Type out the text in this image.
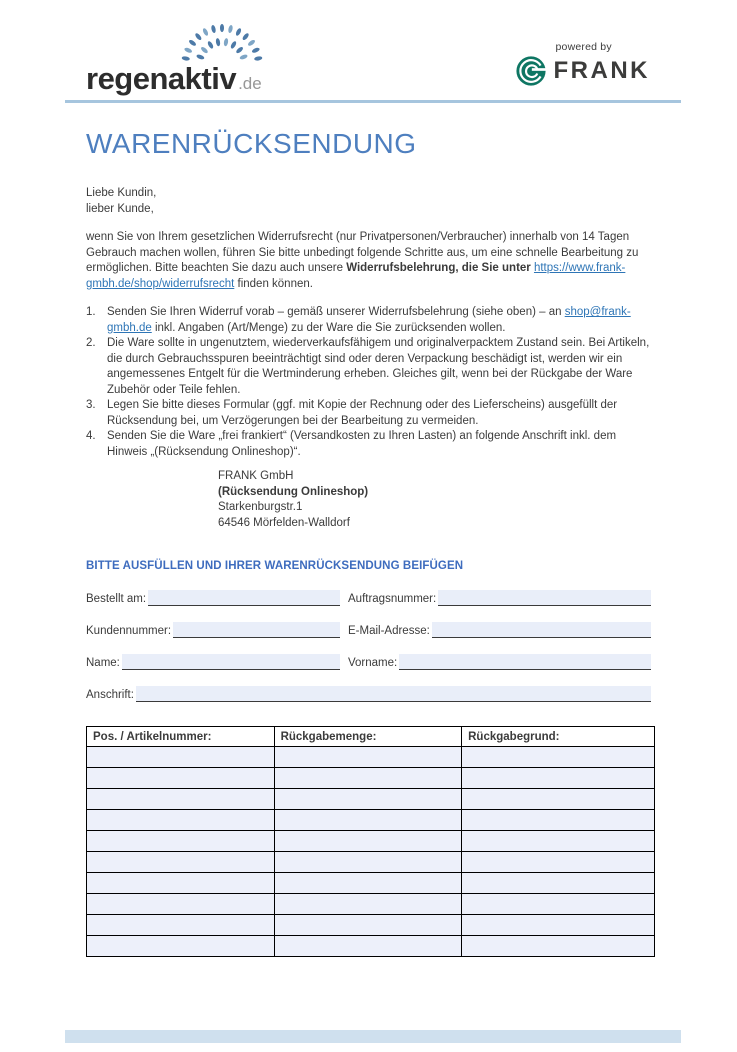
regenaktiv .de
powered by
FRANK
WARENRÜCKSENDUNG
Liebe Kundin,
lieber Kunde,

wenn Sie von Ihrem gesetzlichen Widerrufsrecht (nur Privatpersonen/Verbraucher) innerhalb von 14 Tagen Gebrauch machen wollen, führen Sie bitte unbedingt folgende Schritte aus, um eine schnelle Bearbeitung zu ermöglichen. Bitte beachten Sie dazu auch unsere Widerrufsbelehrung, die Sie unter https://www.frank-gmbh.de/shop/widerrufsrecht finden können.

1. Senden Sie Ihren Widerruf vorab – gemäß unserer Widerrufsbelehrung (siehe oben) – an shop@frank-gmbh.de inkl. Angaben (Art/Menge) zu der Ware die Sie zurücksenden wollen.
2. Die Ware sollte in ungenutztem, wiederverkaufsfähigem und originalverpacktem Zustand sein. Bei Artikeln, die durch Gebrauchsspuren beeinträchtigt sind oder deren Verpackung beschädigt ist, werden wir ein angemessenes Entgelt für die Wertminderung erheben. Gleiches gilt, wenn bei der Rückgabe der Ware Zubehör oder Teile fehlen.
3. Legen Sie bitte dieses Formular (ggf. mit Kopie der Rechnung oder des Lieferscheins) ausgefüllt der Rücksendung bei, um Verzögerungen bei der Bearbeitung zu vermeiden.
4. Senden Sie die Ware „frei frankiert“ (Versandkosten zu Ihren Lasten) an folgende Anschrift inkl. dem Hinweis „(Rücksendung Onlineshop)“.
FRANK GmbH
(Rücksendung Onlineshop)
Starkenburgstr.1
64546 Mörfelden-Walldorf
BITTE AUSFÜLLEN UND IHRER WARENRÜCKSENDUNG BEIFÜGEN
Bestellt am:	Auftragsnummer:
Kundennummer:	E-Mail-Adresse:
Name:	Vorname:
Anschrift:
Pos. / Artikelnummer:	Rückgabemenge:	Rückgabegrund:
